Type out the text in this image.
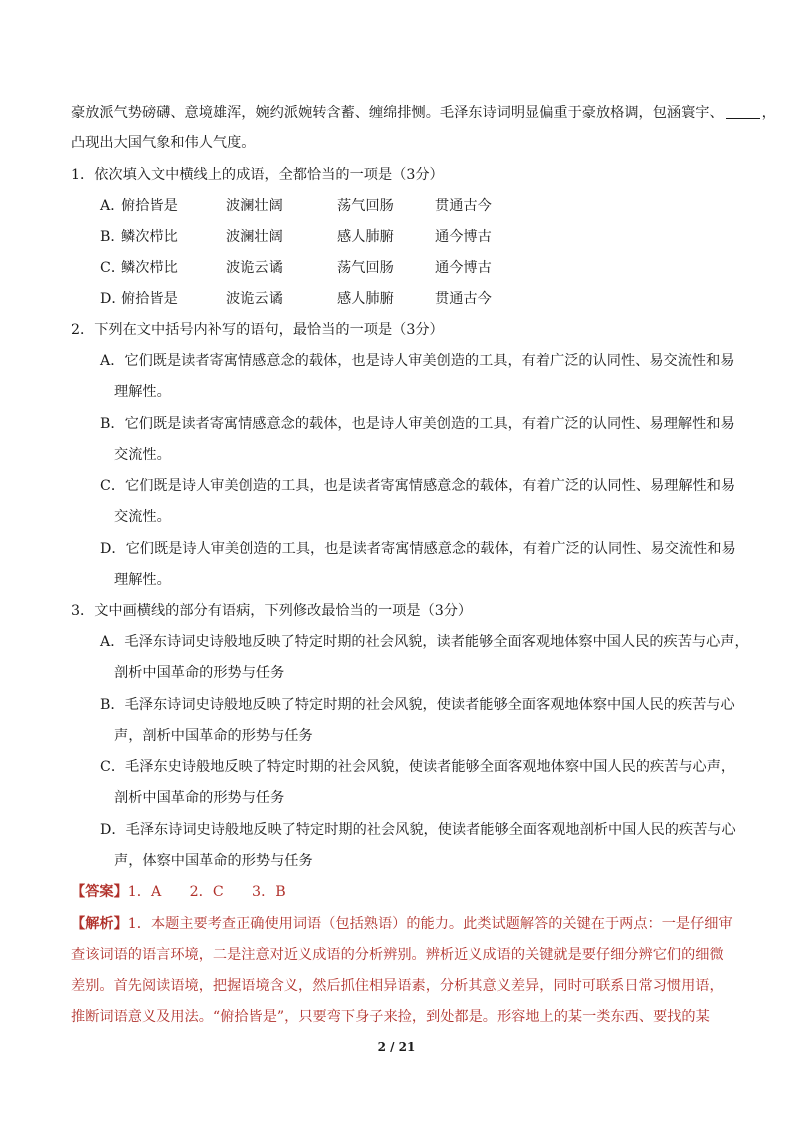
豪放派气势磅礴、意境雄浑，婉约派婉转含蓄、缠绵排恻。毛泽东诗词明显偏重于豪放格调，包涵寰宇、	，
凸现出大国气象和伟人气度。
1．依次填入文中横线上的成语，全都恰当的一项是（3分）
A．
俯拾皆是	波澜壮阔	荡气回肠	贯通古今
B．
鳞次栉比	波澜壮阔	感人肺腑	通今博古
C．
鳞次栉比	波诡云谲	荡气回肠	通今博古
D．
俯拾皆是	波诡云谲	感人肺腑	贯通古今
2．下列在文中括号内补写的语句，最恰当的一项是（3分）
A．它们既是读者寄寓情感意念的载体，也是诗人审美创造的工具，有着广泛的认同性、易交流性和易
理解性。
B．它们既是读者寄寓情感意念的载体，也是诗人审美创造的工具，有着广泛的认同性、易理解性和易
交流性。
C．它们既是诗人审美创造的工具，也是读者寄寓情感意念的载体，有着广泛的认同性、易理解性和易
交流性。
D．它们既是诗人审美创造的工具，也是读者寄寓情感意念的载体，有着广泛的认同性、易交流性和易
理解性。
3．文中画横线的部分有语病，下列修改最恰当的一项是（3分）
A．毛泽东诗词史诗般地反映了特定时期的社会风貌，读者能够全面客观地体察中国人民的疾苦与心声，
剖析中国革命的形势与任务
B．毛泽东诗词史诗般地反映了特定时期的社会风貌，使读者能够全面客观地体察中国人民的疾苦与心
声，剖析中国革命的形势与任务
C．毛泽东史诗般地反映了特定时期的社会风貌，使读者能够全面客观地体察中国人民的疾苦与心声，
剖析中国革命的形势与任务
D．毛泽东诗词史诗般地反映了特定时期的社会风貌，使读者能够全面客观地剖析中国人民的疾苦与心
声，体察中国革命的形势与任务
【答案】1．A　　2．C　　3．B
【解析】1．本题主要考查正确使用词语（包括熟语）的能力。此类试题解答的关键在于两点：一是仔细审
查该词语的语言环境，二是注意对近义成语的分析辨别。辨析近义成语的关键就是要仔细分辨它们的细微
差别。首先阅读语境，把握语境含义，然后抓住相异语素，分析其意义差异，同时可联系日常习惯用语，
推断词语意义及用法。“俯拾皆是”，只要弯下身子来捡，到处都是。形容地上的某一类东西、要找的某
2 / 21
